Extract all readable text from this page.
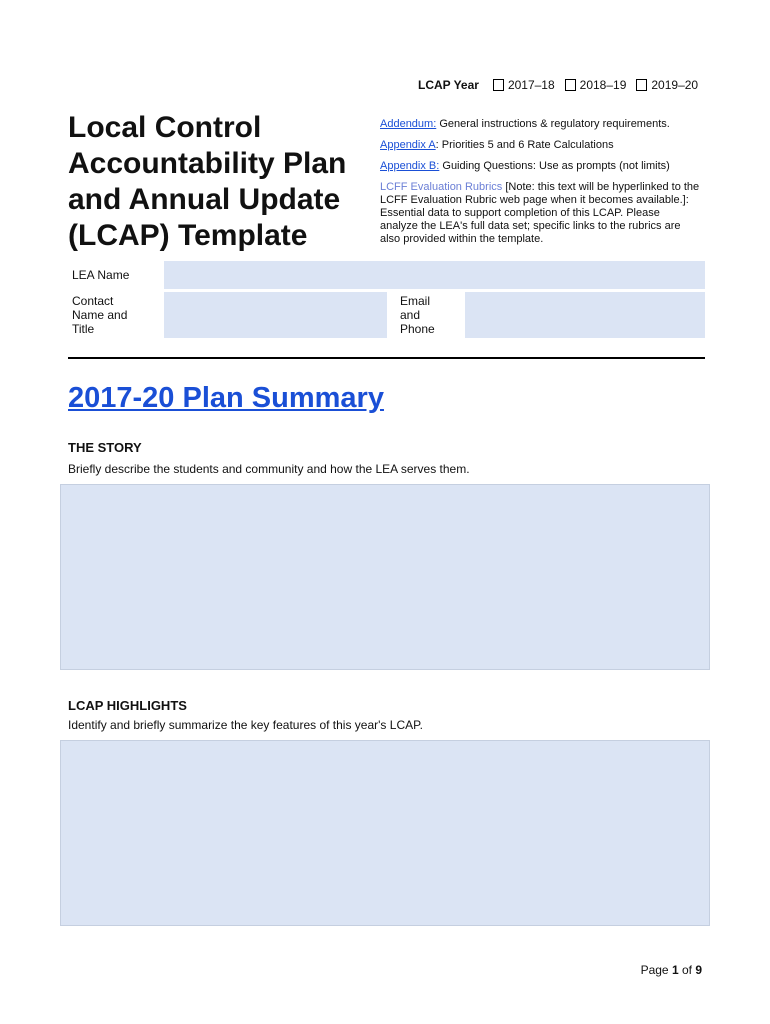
LCAP Year 2017–18 2018–19 2019–20
Local Control Accountability Plan and Annual Update (LCAP) Template

Addendum: General instructions & regulatory requirements.

Appendix A: Priorities 5 and 6 Rate Calculations

Appendix B: Guiding Questions: Use as prompts (not limits)

LCFF Evaluation Rubrics [Note: this text will be hyperlinked to the LCFF Evaluation Rubric web page when it becomes available.]: Essential data to support completion of this LCAP. Please analyze the LEA's full data set; specific links to the rubrics are also provided within the template.

LEA Name
Contact Name and Title
Email and Phone
2017-20 Plan Summary
THE STORY

Briefly describe the students and community and how the LEA serves them.

LCAP HIGHLIGHTS

Identify and briefly summarize the key features of this year's LCAP.

Page 1 of 9
